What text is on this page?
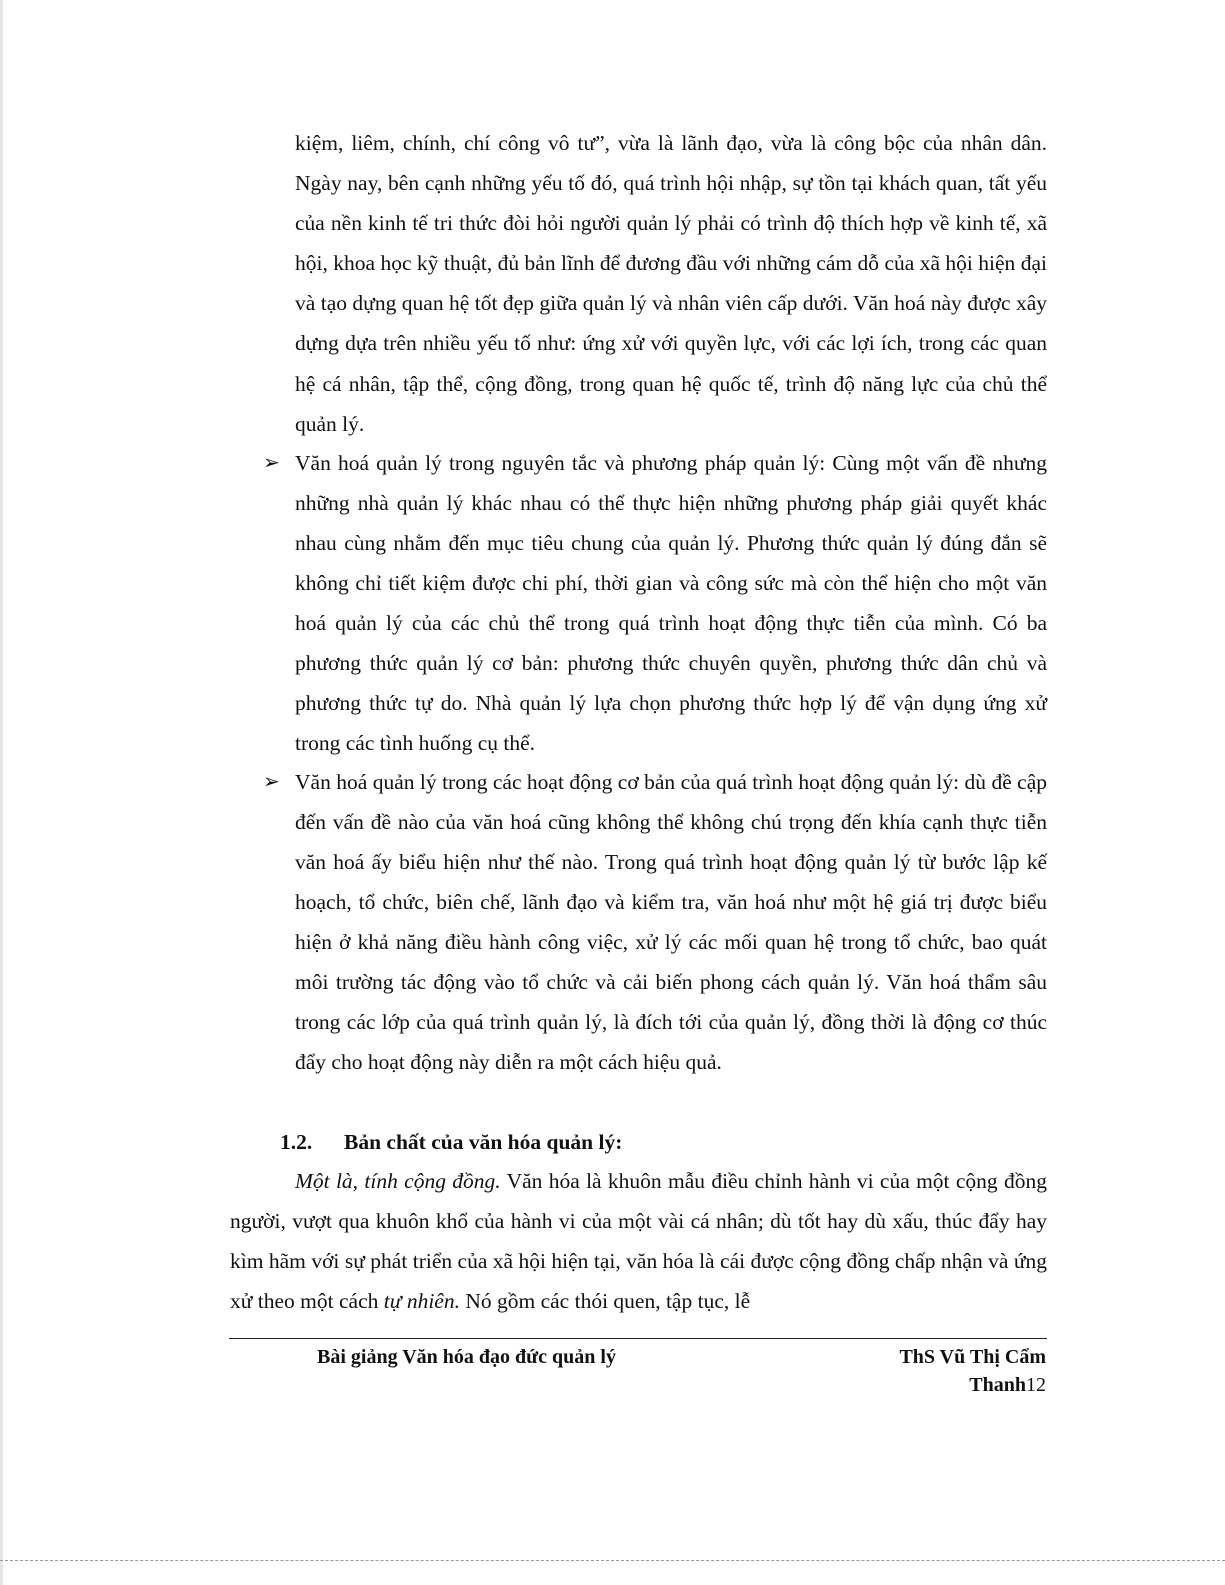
kiệm, liêm, chính, chí công vô tư”, vừa là lãnh đạo, vừa là công bộc của nhân dân. Ngày nay, bên cạnh những yếu tố đó, quá trình hội nhập, sự tồn tại khách quan, tất yếu của nền kinh tế tri thức đòi hỏi người quản lý phải có trình độ thích hợp về kinh tế, xã hội, khoa học kỹ thuật, đủ bản lĩnh để đương đầu với những cám dỗ của xã hội hiện đại và tạo dựng quan hệ tốt đẹp giữa quản lý và nhân viên cấp dưới. Văn hoá này được xây dựng dựa trên nhiều yếu tố như: ứng xử với quyền lực, với các lợi ích, trong các quan hệ cá nhân, tập thể, cộng đồng, trong quan hệ quốc tế, trình độ năng lực của chủ thể quản lý.
➢ Văn hoá quản lý trong nguyên tắc và phương pháp quản lý: Cùng một vấn đề nhưng những nhà quản lý khác nhau có thể thực hiện những phương pháp giải quyết khác nhau cùng nhằm đến mục tiêu chung của quản lý. Phương thức quản lý đúng đắn sẽ không chỉ tiết kiệm được chi phí, thời gian và công sức mà còn thể hiện cho một văn hoá quản lý của các chủ thể trong quá trình hoạt động thực tiễn của mình. Có ba phương thức quản lý cơ bản: phương thức chuyên quyền, phương thức dân chủ và phương thức tự do. Nhà quản lý lựa chọn phương thức hợp lý để vận dụng ứng xử trong các tình huống cụ thể.
➢ Văn hoá quản lý trong các hoạt động cơ bản của quá trình hoạt động quản lý: dù đề cập đến vấn đề nào của văn hoá cũng không thể không chú trọng đến khía cạnh thực tiễn văn hoá ấy biểu hiện như thế nào. Trong quá trình hoạt động quản lý từ bước lập kế hoạch, tổ chức, biên chế, lãnh đạo và kiểm tra, văn hoá như một hệ giá trị được biểu hiện ở khả năng điều hành công việc, xử lý các mối quan hệ trong tổ chức, bao quát môi trường tác động vào tổ chức và cải biến phong cách quản lý. Văn hoá thẩm sâu trong các lớp của quá trình quản lý, là đích tới của quản lý, đồng thời là động cơ thúc đẩy cho hoạt động này diễn ra một cách hiệu quả.
1.2. Bản chất của văn hóa quản lý:
Một là, tính cộng đồng. Văn hóa là khuôn mẫu điều chỉnh hành vi của một cộng đồng người, vượt qua khuôn khổ của hành vi của một vài cá nhân; dù tốt hay dù xấu, thúc đẩy hay kìm hãm với sự phát triển của xã hội hiện tại, văn hóa là cái được cộng đồng chấp nhận và ứng xử theo một cách tự nhiên. Nó gồm các thói quen, tập tục, lễ
Bài giảng Văn hóa đạo đức quản lý	ThS Vũ Thị Cẩm
Thanh12
